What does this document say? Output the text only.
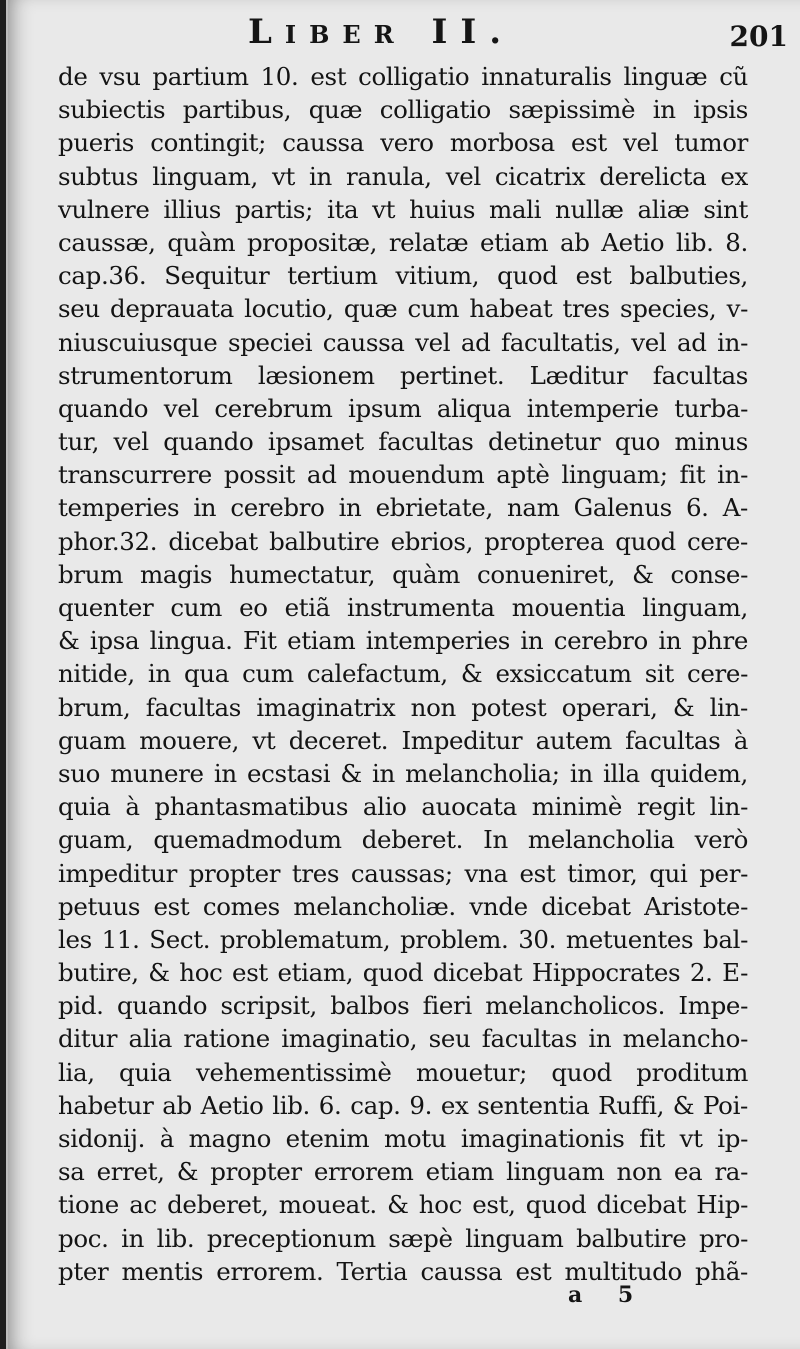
Liber II.	201
de vsu partium 10. est colligatio innaturalis linguæ cũ
subiectis partibus, quæ colligatio sæpissimè in ipsis
pueris contingit; caussa vero morbosa est vel tumor
subtus linguam, vt in ranula, vel cicatrix derelicta ex
vulnere illius partis; ita vt huius mali nullæ aliæ sint
caussæ, quàm propositæ, relatæ etiam ab Aetio lib. 8.
cap.36. Sequitur tertium vitium, quod est balbuties,
seu deprauata locutio, quæ cum habeat tres species, v-
niuscuiusque speciei caussa vel ad facultatis, vel ad in-
strumentorum læsionem pertinet. Læditur facultas
quando vel cerebrum ipsum aliqua intemperie turba-
tur, vel quando ipsamet facultas detinetur quo minus
transcurrere possit ad mouendum aptè linguam; fit in-
temperies in cerebro in ebrietate, nam Galenus 6. A-
phor.32. dicebat balbutire ebrios, propterea quod cere-
brum magis humectatur, quàm conueniret, & conse-
quenter cum eo etiã instrumenta mouentia linguam,
& ipsa lingua. Fit etiam intemperies in cerebro in phre
nitide, in qua cum calefactum, & exsiccatum sit cere-
brum, facultas imaginatrix non potest operari, & lin-
guam mouere, vt deceret. Impeditur autem facultas à
suo munere in ecstasi & in melancholia; in illa quidem,
quia à phantasmatibus alio auocata minimè regit lin-
guam, quemadmodum deberet. In melancholia verò
impeditur propter tres caussas; vna est timor, qui per-
petuus est comes melancholiæ. vnde dicebat Aristote-
les 11. Sect. problematum, problem. 30. metuentes bal-
butire, & hoc est etiam, quod dicebat Hippocrates 2. E-
pid. quando scripsit, balbos fieri melancholicos. Impe-
ditur alia ratione imaginatio, seu facultas in melancho-
lia, quia vehementissimè mouetur; quod proditum
habetur ab Aetio lib. 6. cap. 9. ex sententia Ruffi, & Poi-
sidonij. à magno etenim motu imaginationis fit vt ip-
sa erret, & propter errorem etiam linguam non ea ra-
tione ac deberet, moueat. & hoc est, quod dicebat Hip-
poc. in lib. preceptionum sæpè linguam balbutire pro-
pter mentis errorem. Tertia caussa est multitudo phã-
a 5
